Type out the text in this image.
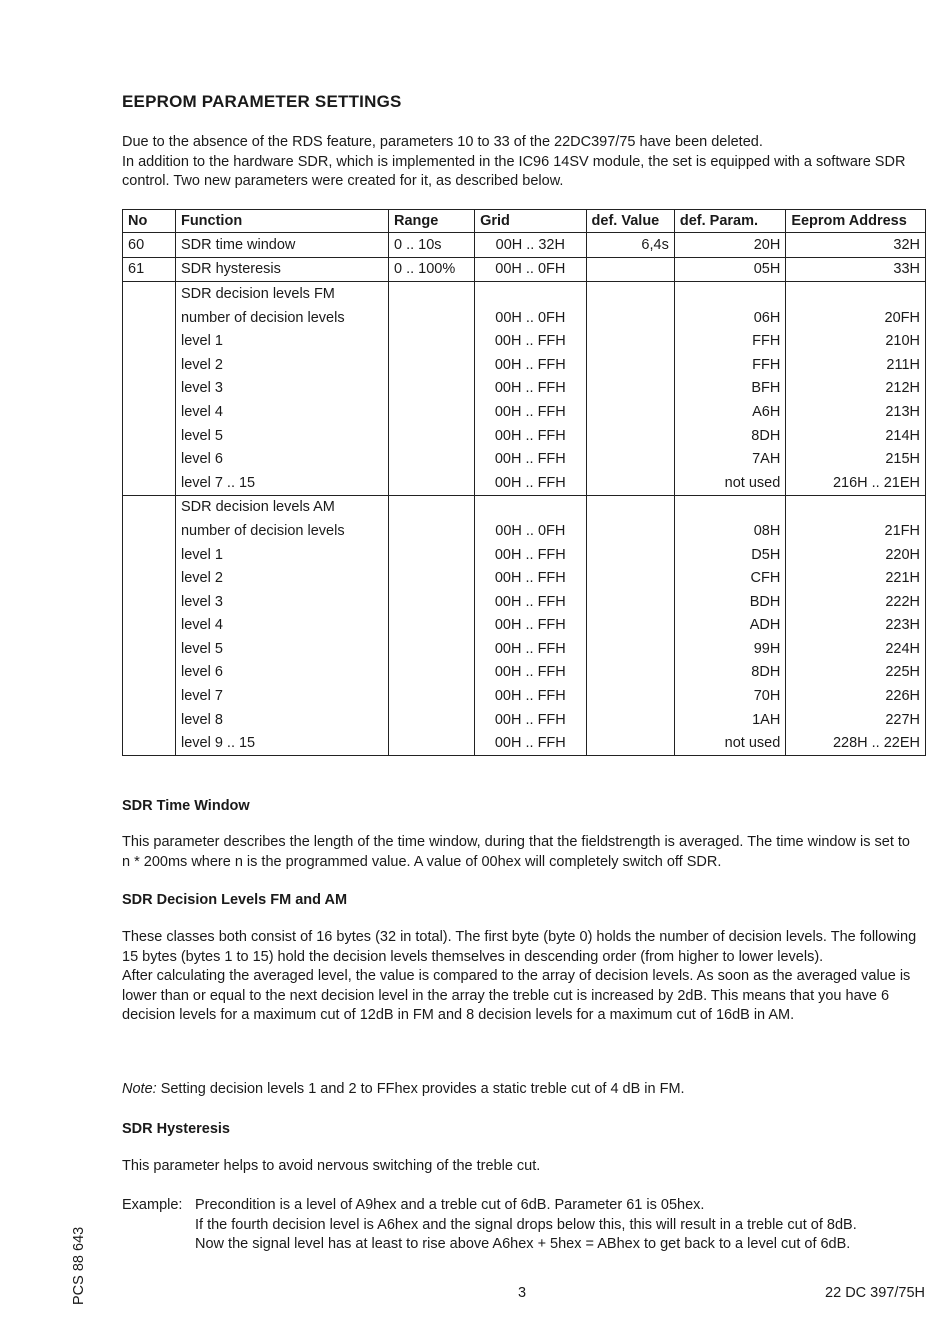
EEPROM PARAMETER SETTINGS

Due to the absence of the RDS feature, parameters 10 to 33 of the 22DC397/75 have been deleted.

In addition to the hardware SDR, which is implemented in the IC96 14SV module, the set is equipped with a software SDR control. Two new parameters were created for it, as described below.

No	Function	Range	Grid	def. Value	def. Param.	Eeprom Address
60	SDR time window	0 .. 10s	00H .. 32H	6,4s	20H	32H
61	SDR hysteresis	0 .. 100%	00H .. 0FH		05H	33H
	SDR decision levels FM					
	number of decision levels		00H .. 0FH		06H	20FH
	level 1		00H .. FFH		FFH	210H
	level 2		00H .. FFH		FFH	211H
	level 3		00H .. FFH		BFH	212H
	level 4		00H .. FFH		A6H	213H
	level 5		00H .. FFH		8DH	214H
	level 6		00H .. FFH		7AH	215H
	level 7 .. 15		00H .. FFH		not used	216H .. 21EH
	SDR decision levels AM					
	number of decision levels		00H .. 0FH		08H	21FH
	level 1		00H .. FFH		D5H	220H
	level 2		00H .. FFH		CFH	221H
	level 3		00H .. FFH		BDH	222H
	level 4		00H .. FFH		ADH	223H
	level 5		00H .. FFH		99H	224H
	level 6		00H .. FFH		8DH	225H
	level 7		00H .. FFH		70H	226H
	level 8		00H .. FFH		1AH	227H
	level 9 .. 15		00H .. FFH		not used	228H .. 22EH
SDR Time Window

This parameter describes the length of the time window, during that the fieldstrength is averaged. The time window is set to n * 200ms where n is the programmed value. A value of 00hex will completely switch off SDR.

SDR Decision Levels FM and AM

These classes both consist of 16 bytes (32 in total). The first byte (byte 0) holds the number of decision levels. The following 15 bytes (bytes 1 to 15) hold the decision levels themselves in descending order (from higher to lower levels).

After calculating the averaged level, the value is compared to the array of decision levels. As soon as the averaged value is lower than or equal to the next decision level in the array the treble cut is increased by 2dB. This means that you have 6 decision levels for a maximum cut of 12dB in FM and 8 decision levels for a maximum cut of 16dB in AM.

Note: Setting decision levels 1 and 2 to FFhex provides a static treble cut of 4 dB in FM.

SDR Hysteresis

This parameter helps to avoid nervous switching of the treble cut.

Example: Precondition is a level of A9hex and a treble cut of 6dB. Parameter 61 is 05hex.
If the fourth decision level is A6hex and the signal drops below this, this will result in a treble cut of 8dB.
Now the signal level has at least to rise above A6hex + 5hex = ABhex to get back to a level cut of 6dB.
PCS 88 643	3	22 DC 397/75H
